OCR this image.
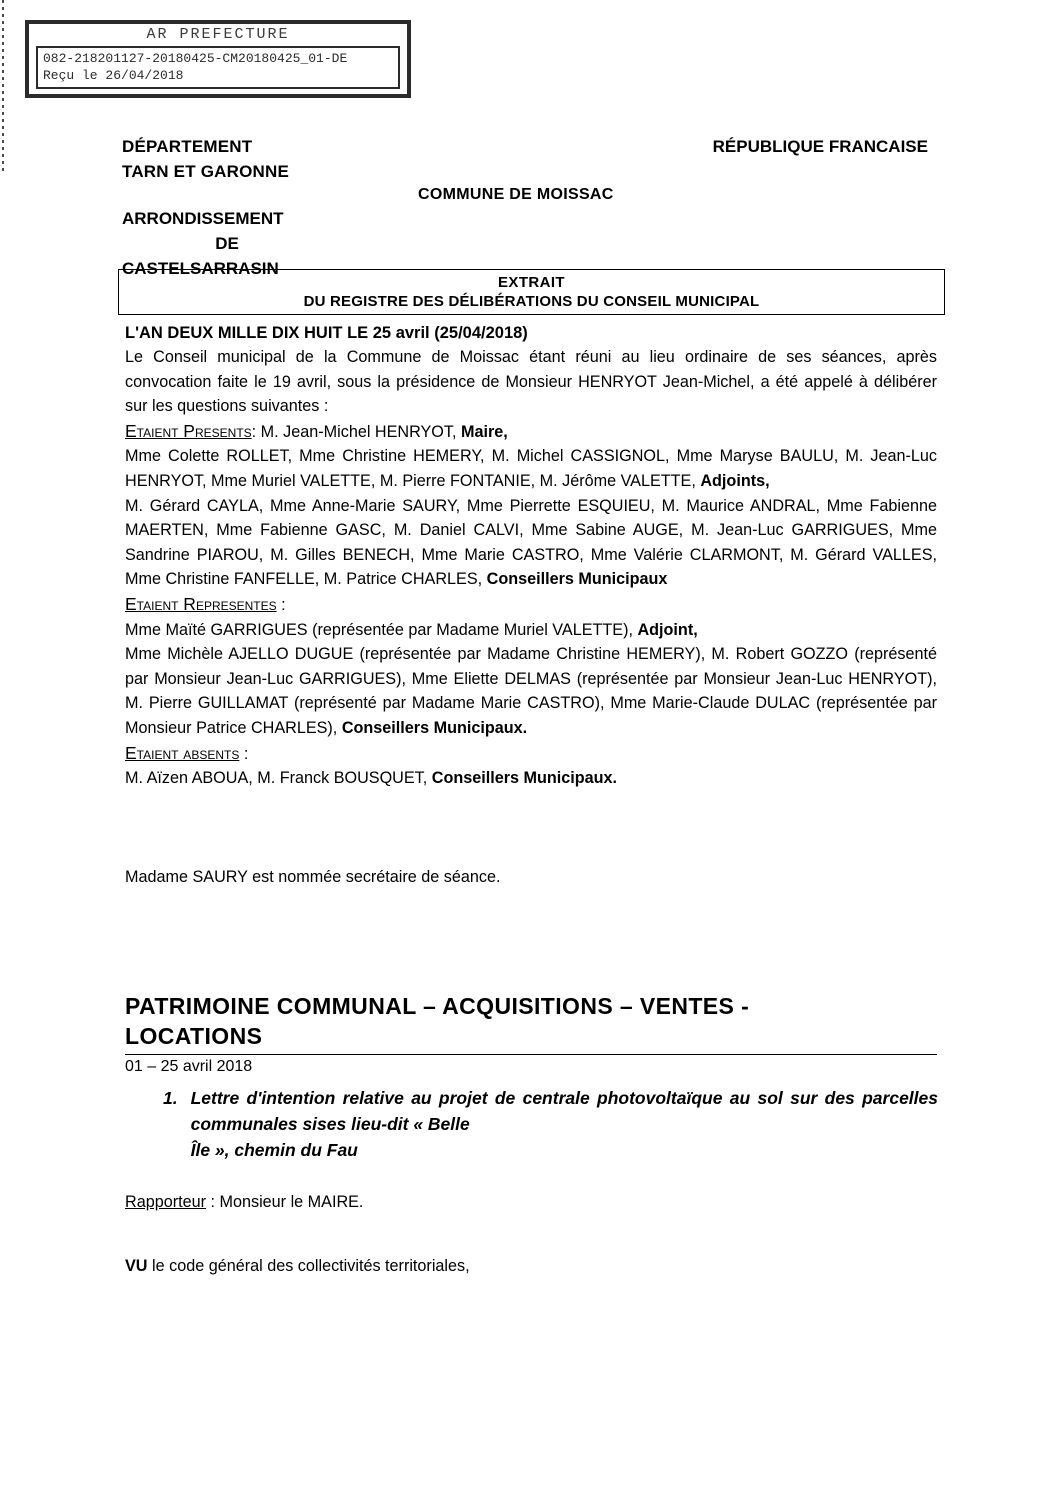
AR PREFECTURE
082-218201127-20180425-CM20180425_01-DE
Reçu le 26/04/2018
DÉPARTEMENT
TARN ET GARONNE
RÉPUBLIQUE FRANCAISE
COMMUNE DE MOISSAC
ARRONDISSEMENT
DE
CASTELSARRASIN
EXTRAIT
DU REGISTRE DES DÉLIBÉRATIONS DU CONSEIL MUNICIPAL

L'AN DEUX MILLE DIX HUIT LE 25 avril (25/04/2018)

Le Conseil municipal de la Commune de Moissac étant réuni au lieu ordinaire de ses séances, après convocation faite le 19 avril, sous la présidence de Monsieur HENRYOT Jean-Michel, a été appelé à délibérer sur les questions suivantes :

Etaient Presents: M. Jean-Michel HENRYOT, Maire,

Mme Colette ROLLET, Mme Christine HEMERY, M. Michel CASSIGNOL, Mme Maryse BAULU, M. Jean-Luc HENRYOT, Mme Muriel VALETTE, M. Pierre FONTANIE, M. Jérôme VALETTE, Adjoints,

M. Gérard CAYLA, Mme Anne-Marie SAURY, Mme Pierrette ESQUIEU, M. Maurice ANDRAL, Mme Fabienne MAERTEN, Mme Fabienne GASC, M. Daniel CALVI, Mme Sabine AUGE, M. Jean-Luc GARRIGUES, Mme Sandrine PIAROU, M. Gilles BENECH, Mme Marie CASTRO, Mme Valérie CLARMONT, M. Gérard VALLES, Mme Christine FANFELLE, M. Patrice CHARLES, Conseillers Municipaux

Etaient Representes :

Mme Maïté GARRIGUES (représentée par Madame Muriel VALETTE), Adjoint,

Mme Michèle AJELLO DUGUE (représentée par Madame Christine HEMERY), M. Robert GOZZO (représenté par Monsieur Jean-Luc GARRIGUES), Mme Eliette DELMAS (représentée par Monsieur Jean-Luc HENRYOT), M. Pierre GUILLAMAT (représenté par Madame Marie CASTRO), Mme Marie-Claude DULAC (représentée par Monsieur Patrice CHARLES), Conseillers Municipaux.

Etaient absents :

M. Aïzen ABOUA, M. Franck BOUSQUET, Conseillers Municipaux.

Madame SAURY est nommée secrétaire de séance.

PATRIMOINE COMMUNAL – ACQUISITIONS – VENTES -
LOCATIONS

01 – 25 avril 2018

1. Lettre d'intention relative au projet de centrale photovoltaïque au sol sur des parcelles communales sises lieu-dit « Belle
Île », chemin du Fau

Rapporteur : Monsieur le MAIRE.
VU le code général des collectivités territoriales,
